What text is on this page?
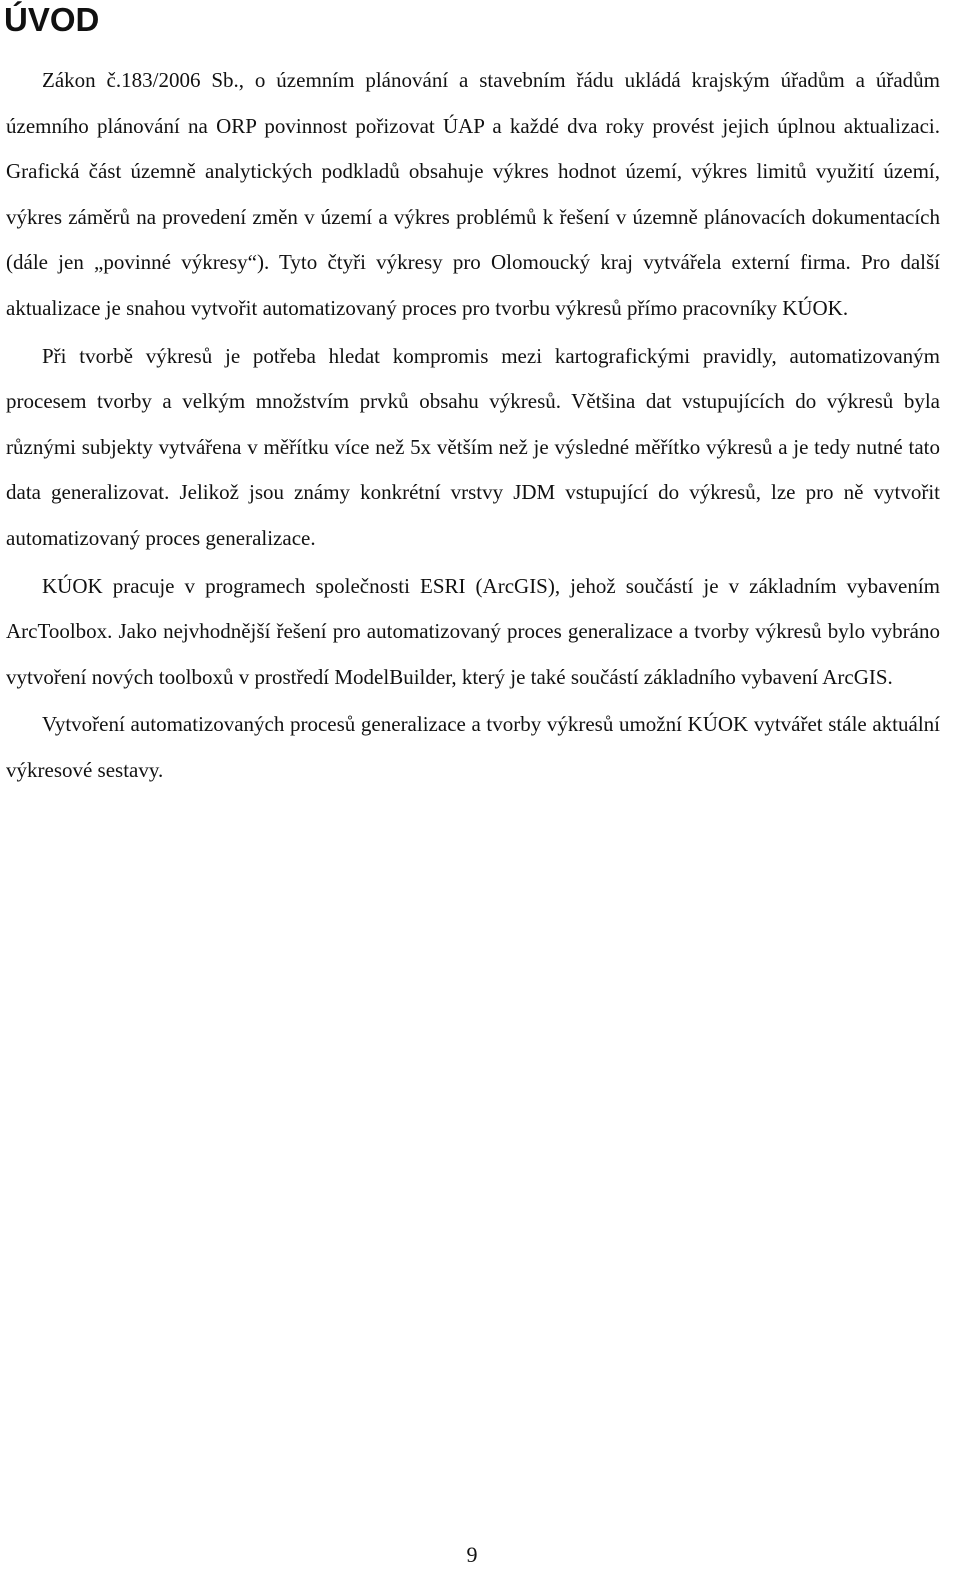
ÚVOD

Zákon č.183/2006 Sb., o územním plánování a stavebním řádu ukládá krajským úřadům a úřadům územního plánování na ORP povinnost pořizovat ÚAP a každé dva roky provést jejich úplnou aktualizaci. Grafická část územně analytických podkladů obsahuje výkres hodnot území, výkres limitů využití území, výkres záměrů na provedení změn v území a výkres problémů k řešení v územně plánovacích dokumentacích (dále jen „povinné výkresy“). Tyto čtyři výkresy pro Olomoucký kraj vytvářela externí firma. Pro další aktualizace je snahou vytvořit automatizovaný proces pro tvorbu výkresů přímo pracovníky KÚOK.

Při tvorbě výkresů je potřeba hledat kompromis mezi kartografickými pravidly, automatizovaným procesem tvorby a velkým množstvím prvků obsahu výkresů. Většina dat vstupujících do výkresů byla různými subjekty vytvářena v měřítku více než 5x větším než je výsledné měřítko výkresů a je tedy nutné tato data generalizovat. Jelikož jsou známy konkrétní vrstvy JDM vstupující do výkresů, lze pro ně vytvořit automatizovaný proces generalizace.

KÚOK pracuje v programech společnosti ESRI (ArcGIS), jehož součástí je v základním vybavením ArcToolbox. Jako nejvhodnější řešení pro automatizovaný proces generalizace a tvorby výkresů bylo vybráno vytvoření nových toolboxů v prostředí ModelBuilder, který je také součástí základního vybavení ArcGIS.

Vytvoření automatizovaných procesů generalizace a tvorby výkresů umožní KÚOK vytvářet stále aktuální výkresové sestavy.

9
